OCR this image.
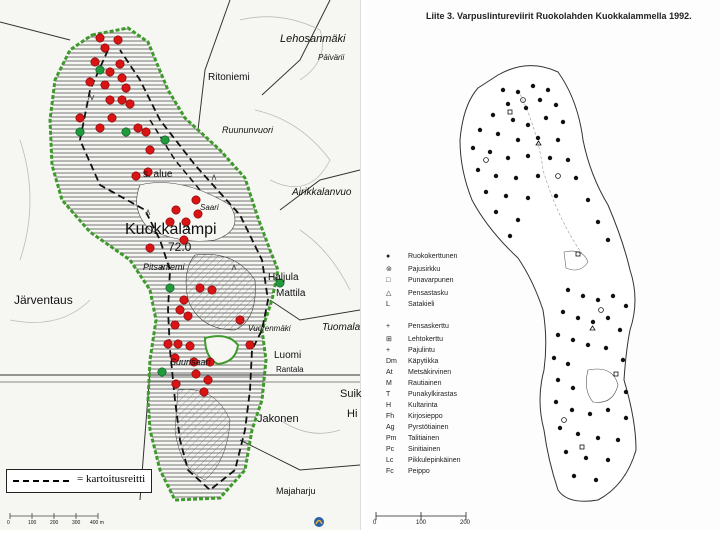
Kuokkalampi
72.0
s. alue
Lehosanmäki
Päivärii
Ritoniemi
Ruununvuori
Airikkalanvuo
Järventaus
Pitsaniemi
Haljula
Mattila
Tuomala
Vuorenmäki
Luomi
Rantala
Suurisaari
Suik
Hi
Jakonen
Majaharju
Saari
0	100	200	300 400 m
= kartoitusreitti
Liite 3. Varpuslintureviirit Ruokolahden Kuokkalammella 1992.
●	Ruokokerttunen
⊚ Pajusirkku
□	Punavarpunen
△ Pensastasku
L	Satakieli
+	Pensaskerttu
⊞ Lehtokerttu
+	Pajulintu
Dm Käpytikka
At Metsäkirvinen
M Rautiainen
T	Punakylkirastas
H Kultarinta
Fh Kirjosieppo
Ag Pyrstötiainen
Pm Talitiainen
Pc Sinitiainen
Lc Pikkulepinkäinen
Fc Peippo
0	100	200
